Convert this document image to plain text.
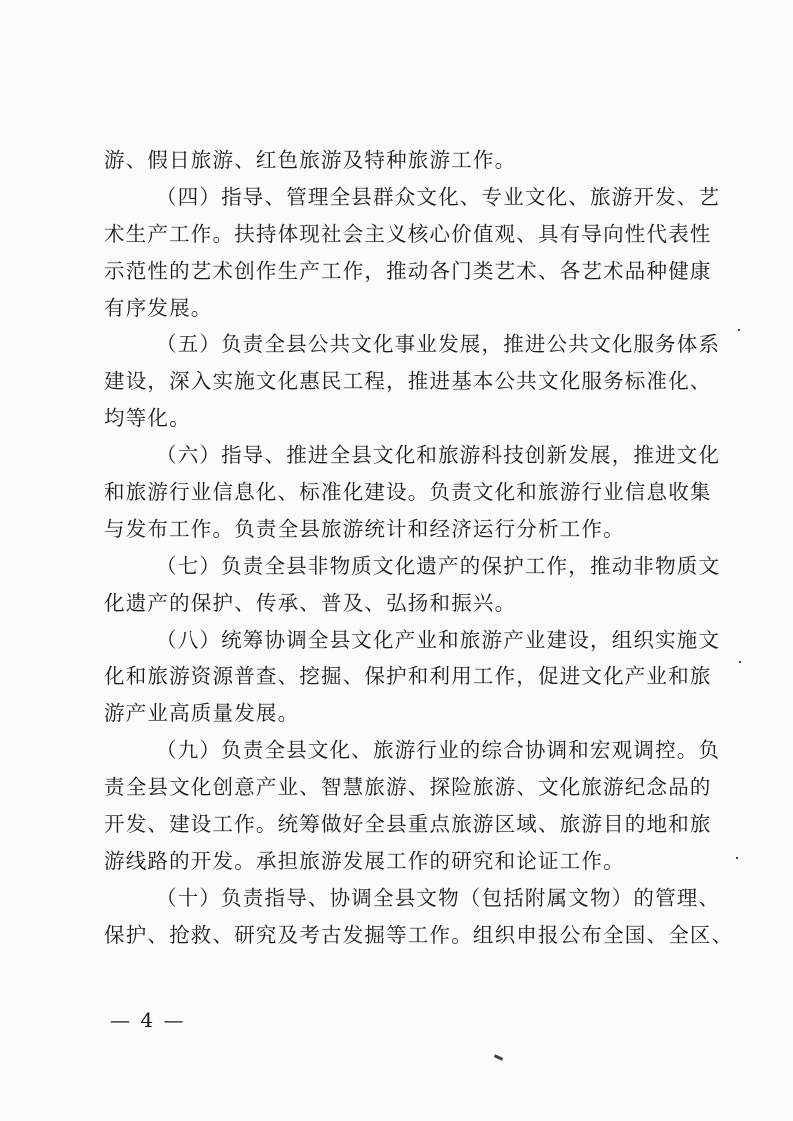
游、假日旅游、红色旅游及特种旅游工作。
（四）指导、管理全县群众文化、专业文化、旅游开发、艺
术生产工作。扶持体现社会主义核心价值观、具有导向性代表性
示范性的艺术创作生产工作，推动各门类艺术、各艺术品种健康
有序发展。
（五）负责全县公共文化事业发展，推进公共文化服务体系
建设，深入实施文化惠民工程，推进基本公共文化服务标准化、
均等化。
（六）指导、推进全县文化和旅游科技创新发展，推进文化
和旅游行业信息化、标准化建设。负责文化和旅游行业信息收集
与发布工作。负责全县旅游统计和经济运行分析工作。
（七）负责全县非物质文化遗产的保护工作，推动非物质文
化遗产的保护、传承、普及、弘扬和振兴。
（八）统筹协调全县文化产业和旅游产业建设，组织实施文
化和旅游资源普查、挖掘、保护和利用工作，促进文化产业和旅
游产业高质量发展。
（九）负责全县文化、旅游行业的综合协调和宏观调控。负
责全县文化创意产业、智慧旅游、探险旅游、文化旅游纪念品的
开发、建设工作。统筹做好全县重点旅游区域、旅游目的地和旅
游线路的开发。承担旅游发展工作的研究和论证工作。
（十）负责指导、协调全县文物（包括附属文物）的管理、
保护、抢救、研究及考古发掘等工作。组织申报公布全国、全区、
— 4 —
